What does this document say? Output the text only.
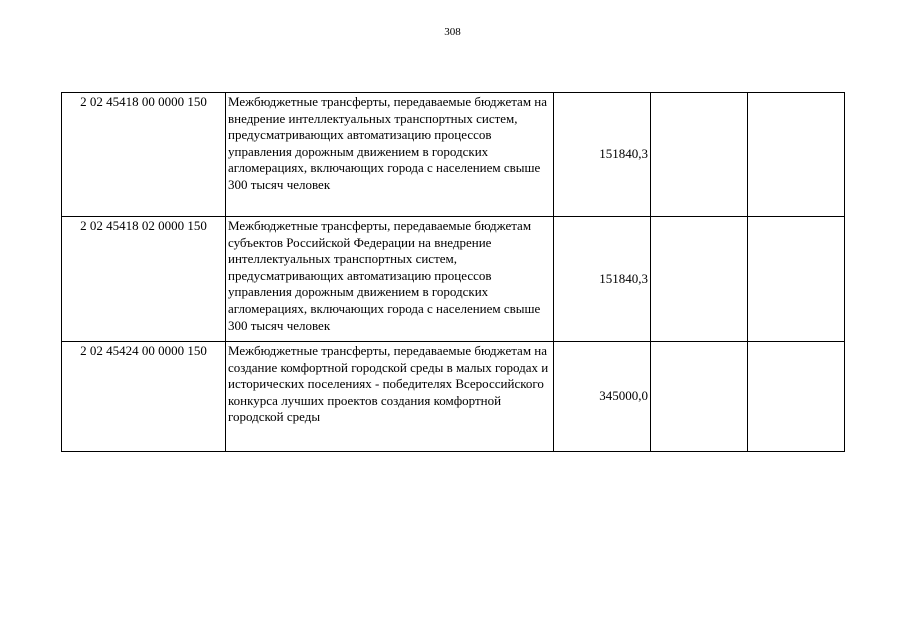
308
2 02 45418 00 0000 150	Межбюджетные трансферты, передаваемые бюджетам на внедрение интеллектуальных транспортных систем, предусматривающих автоматизацию процессов управления дорожным движением в городских агломерациях, включающих города с населением свыше 300 тысяч человек	151840,3		
2 02 45418 02 0000 150	Межбюджетные трансферты, передаваемые бюджетам субъектов Российской Федерации на внедрение интеллектуальных транспортных систем, предусматривающих автоматизацию процессов управления дорожным движением в городских агломерациях, включающих города с населением свыше 300 тысяч человек	151840,3		
2 02 45424 00 0000 150	Межбюджетные трансферты, передаваемые бюджетам на создание комфортной городской среды в малых городах и исторических поселениях - победителях Всероссийского конкурса лучших проектов создания комфортной городской среды	345000,0		
